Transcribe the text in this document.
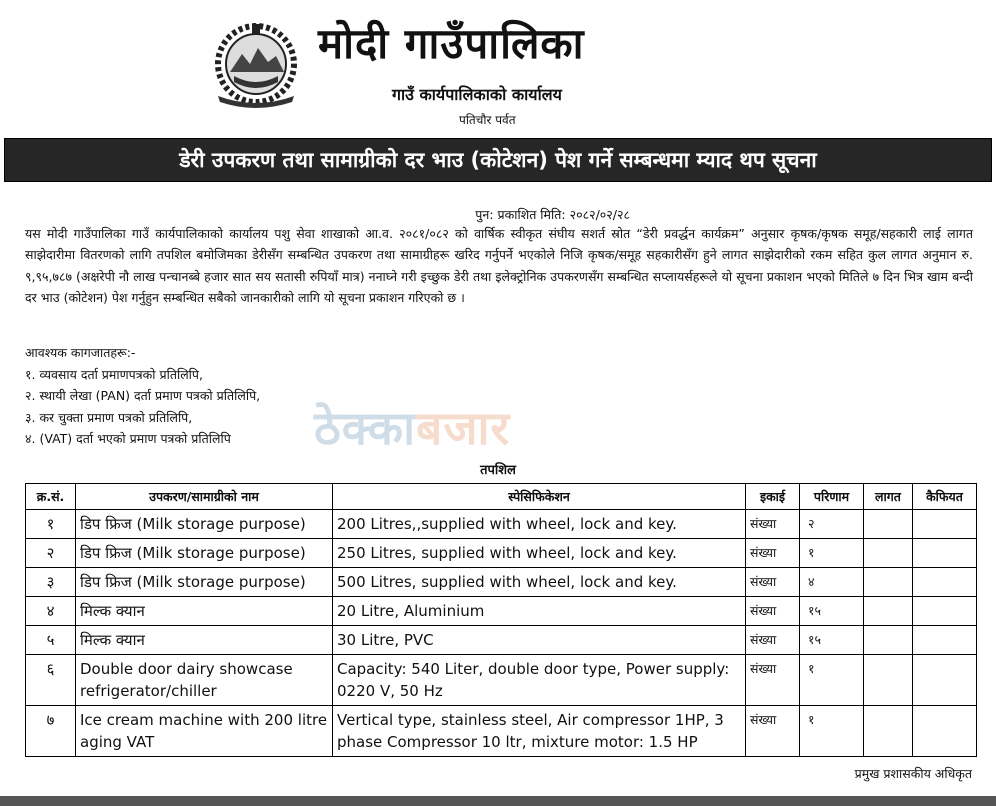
मोदी गाउँपालिका
गाउँ कार्यपालिकाको कार्यालय
पतिचौर पर्वत
डेरी उपकरण तथा सामाग्रीको दर भाउ (कोटेशन) पेश गर्ने सम्बन्धमा म्याद थप सूचना
पुन: प्रकाशित मिति: २०८२/०२/२८
यस मोदी गाउँपालिका गाउँ कार्यपालिकाको कार्यालय पशु सेवा शाखाको आ.व. २०८१/०८२ को वार्षिक स्वीकृत संघीय सशर्त स्रोत “डेरी प्रवर्द्धन कार्यक्रम” अनुसार कृषक/कृषक समूह/सहकारी लाई लागत साझेदारीमा वितरणको लागि तपशिल बमोजिमका डेरीसँग सम्बन्धित उपकरण तथा सामाग्रीहरू खरिद गर्नुपर्ने भएकोले निजि कृषक/समूह सहकारीसँग हुने लागत साझेदारीको रकम सहित कुल लागत अनुमान रु. ९,९५,७८७ (अक्षरेपी नौ लाख पन्चानब्बे हजार सात सय सतासी रुपियाँ मात्र) ननाघ्ने गरी इच्छुक डेरी तथा इलेक्ट्रोनिक उपकरणसँग सम्बन्धित सप्लायर्सहरूले यो सूचना प्रकाशन भएको मितिले ७ दिन भित्र खाम बन्दी दर भाउ (कोटेशन) पेश गर्नुहुन सम्बन्धित सबैको जानकारीको लागि यो सूचना प्रकाशन गरिएको छ ।
आवश्यक कागजातहरू:-
१. व्यवसाय दर्ता प्रमाणपत्रको प्रतिलिपि,
२. स्थायी लेखा (PAN) दर्ता प्रमाण पत्रको प्रतिलिपि,
३. कर चुक्ता प्रमाण पत्रको प्रतिलिपि,
४. (VAT) दर्ता भएको प्रमाण पत्रको प्रतिलिपि	ठेक्काबजार
तपशिल
क्र.सं.	उपकरण/सामाग्रीको नाम	स्पेसिफिकेशन	इकाई	परिणाम	लागत	कैफियत
१	डिप फ्रिज (Milk storage purpose)	200 Litres,,supplied with wheel, lock and key.	संख्या	२		
२	डिप फ्रिज (Milk storage purpose)	250 Litres, supplied with wheel, lock and key.	संख्या	१		
३	डिप फ्रिज (Milk storage purpose)	500 Litres, supplied with wheel, lock and key.	संख्या	४		
४	मिल्क क्यान	20 Litre, Aluminium	संख्या	१५		
५	मिल्क क्यान	30 Litre, PVC	संख्या	१५		
६	Double door dairy showcase refrigerator/chiller	Capacity: 540 Liter, double door type, Power supply: 0220 V, 50 Hz	संख्या	१		
७	Ice cream machine with 200 litre aging VAT	Vertical type, stainless steel, Air compressor 1HP, 3 phase Compressor 10 ltr, mixture motor: 1.5 HP	संख्या	१		
प्रमुख प्रशासकीय अधिकृत
